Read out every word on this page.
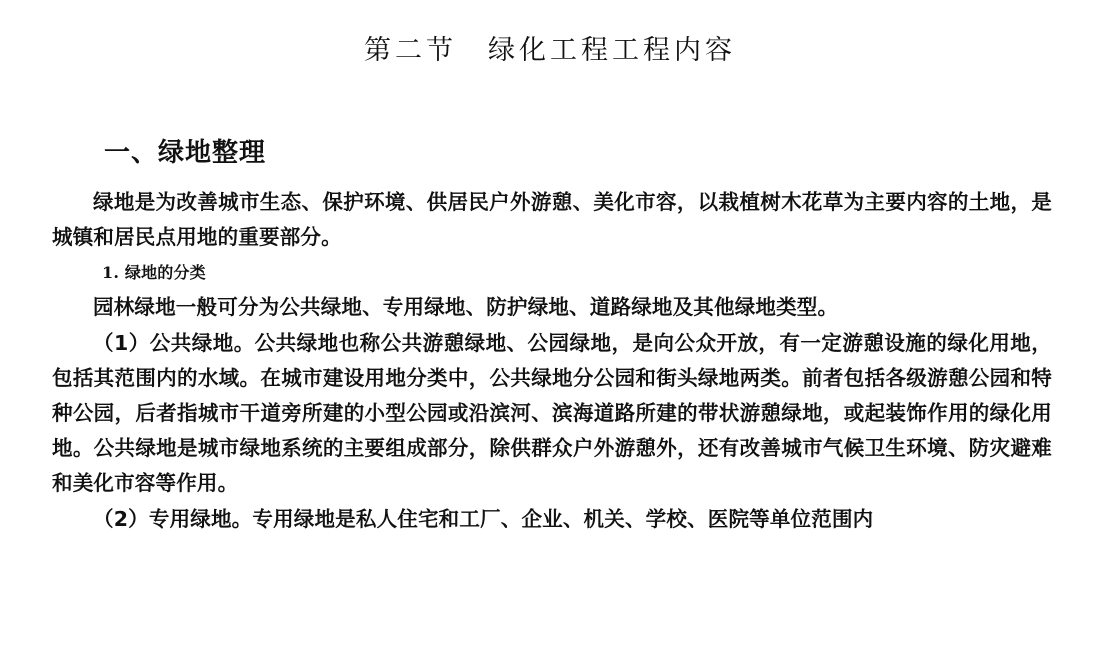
第二节　绿化工程工程内容
一、绿地整理

绿地是为改善城市生态、保护环境、供居民户外游憩、美化市容，以栽植树木花草为主要内容的土地，是城镇和居民点用地的重要部分。

1. 绿地的分类

园林绿地一般可分为公共绿地、专用绿地、防护绿地、道路绿地及其他绿地类型。

（1）公共绿地。公共绿地也称公共游憩绿地、公园绿地，是向公众开放，有一定游憩设施的绿化用地，包括其范围内的水域。在城市建设用地分类中，公共绿地分公园和街头绿地两类。前者包括各级游憩公园和特种公园，后者指城市干道旁所建的小型公园或沿滨河、滨海道路所建的带状游憩绿地，或起装饰作用的绿化用地。公共绿地是城市绿地系统的主要组成部分，除供群众户外游憩外，还有改善城市气候卫生环境、防灾避难和美化市容等作用。

（2）专用绿地。专用绿地是私人住宅和工厂、企业、机关、学校、医院等单位范围内
